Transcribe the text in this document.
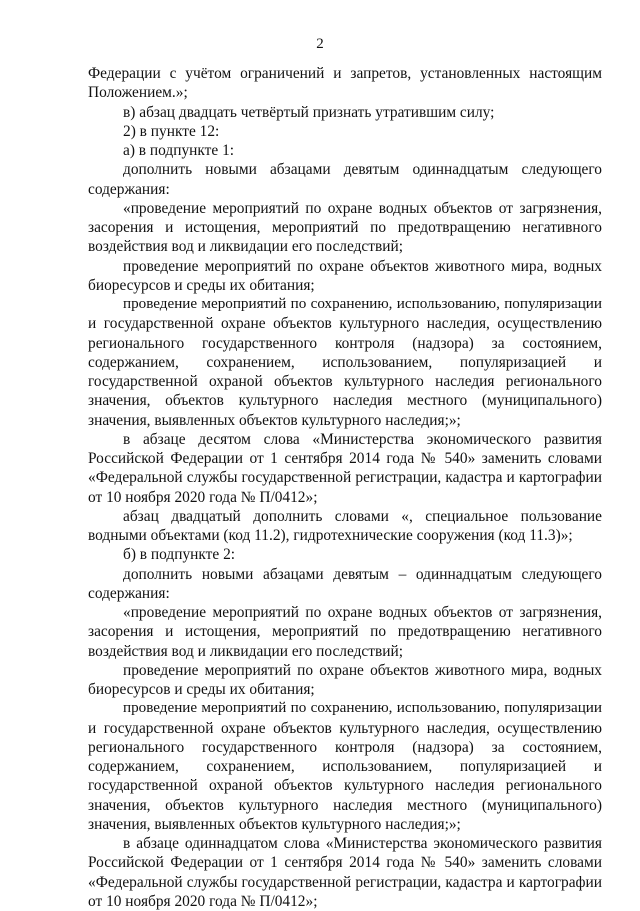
2
Федерации с учётом ограничений и запретов, установленных настоящим
Положением.»;
в) абзац двадцать четвёртый признать утратившим силу;
2) в пункте 12:
а) в подпункте 1:
дополнить новыми абзацами девятым одиннадцатым следующего
содержания:
«проведение мероприятий по охране водных объектов от загрязнения,
засорения и истощения, мероприятий по предотвращению негативного
воздействия вод и ликвидации его последствий;
проведение мероприятий по охране объектов животного мира, водных
биоресурсов и среды их обитания;
проведение мероприятий по сохранению, использованию, популяризации
и государственной охране объектов культурного наследия, осуществлению
регионального государственного контроля (надзора) за состоянием,
содержанием, сохранением, использованием, популяризацией и
государственной охраной объектов культурного наследия регионального
значения, объектов культурного наследия местного (муниципального)
значения, выявленных объектов культурного наследия;»;
в абзаце десятом слова «Министерства экономического развития
Российской Федерации от 1 сентября 2014 года № 540» заменить словами
«Федеральной службы государственной регистрации, кадастра и картографии
от 10 ноября 2020 года № П/0412»;
абзац двадцатый дополнить словами «, специальное пользование
водными объектами (код 11.2), гидротехнические сооружения (код 11.3)»;
б) в подпункте 2:
дополнить новыми абзацами девятым – одиннадцатым следующего
содержания:
«проведение мероприятий по охране водных объектов от загрязнения,
засорения и истощения, мероприятий по предотвращению негативного
воздействия вод и ликвидации его последствий;
проведение мероприятий по охране объектов животного мира, водных
биоресурсов и среды их обитания;
проведение мероприятий по сохранению, использованию, популяризации
и государственной охране объектов культурного наследия, осуществлению
регионального государственного контроля (надзора) за состоянием,
содержанием, сохранением, использованием, популяризацией и
государственной охраной объектов культурного наследия регионального
значения, объектов культурного наследия местного (муниципального)
значения, выявленных объектов культурного наследия;»;
в абзаце одиннадцатом слова «Министерства экономического развития
Российской Федерации от 1 сентября 2014 года № 540» заменить словами
«Федеральной службы государственной регистрации, кадастра и картографии
от 10 ноября 2020 года № П/0412»;
